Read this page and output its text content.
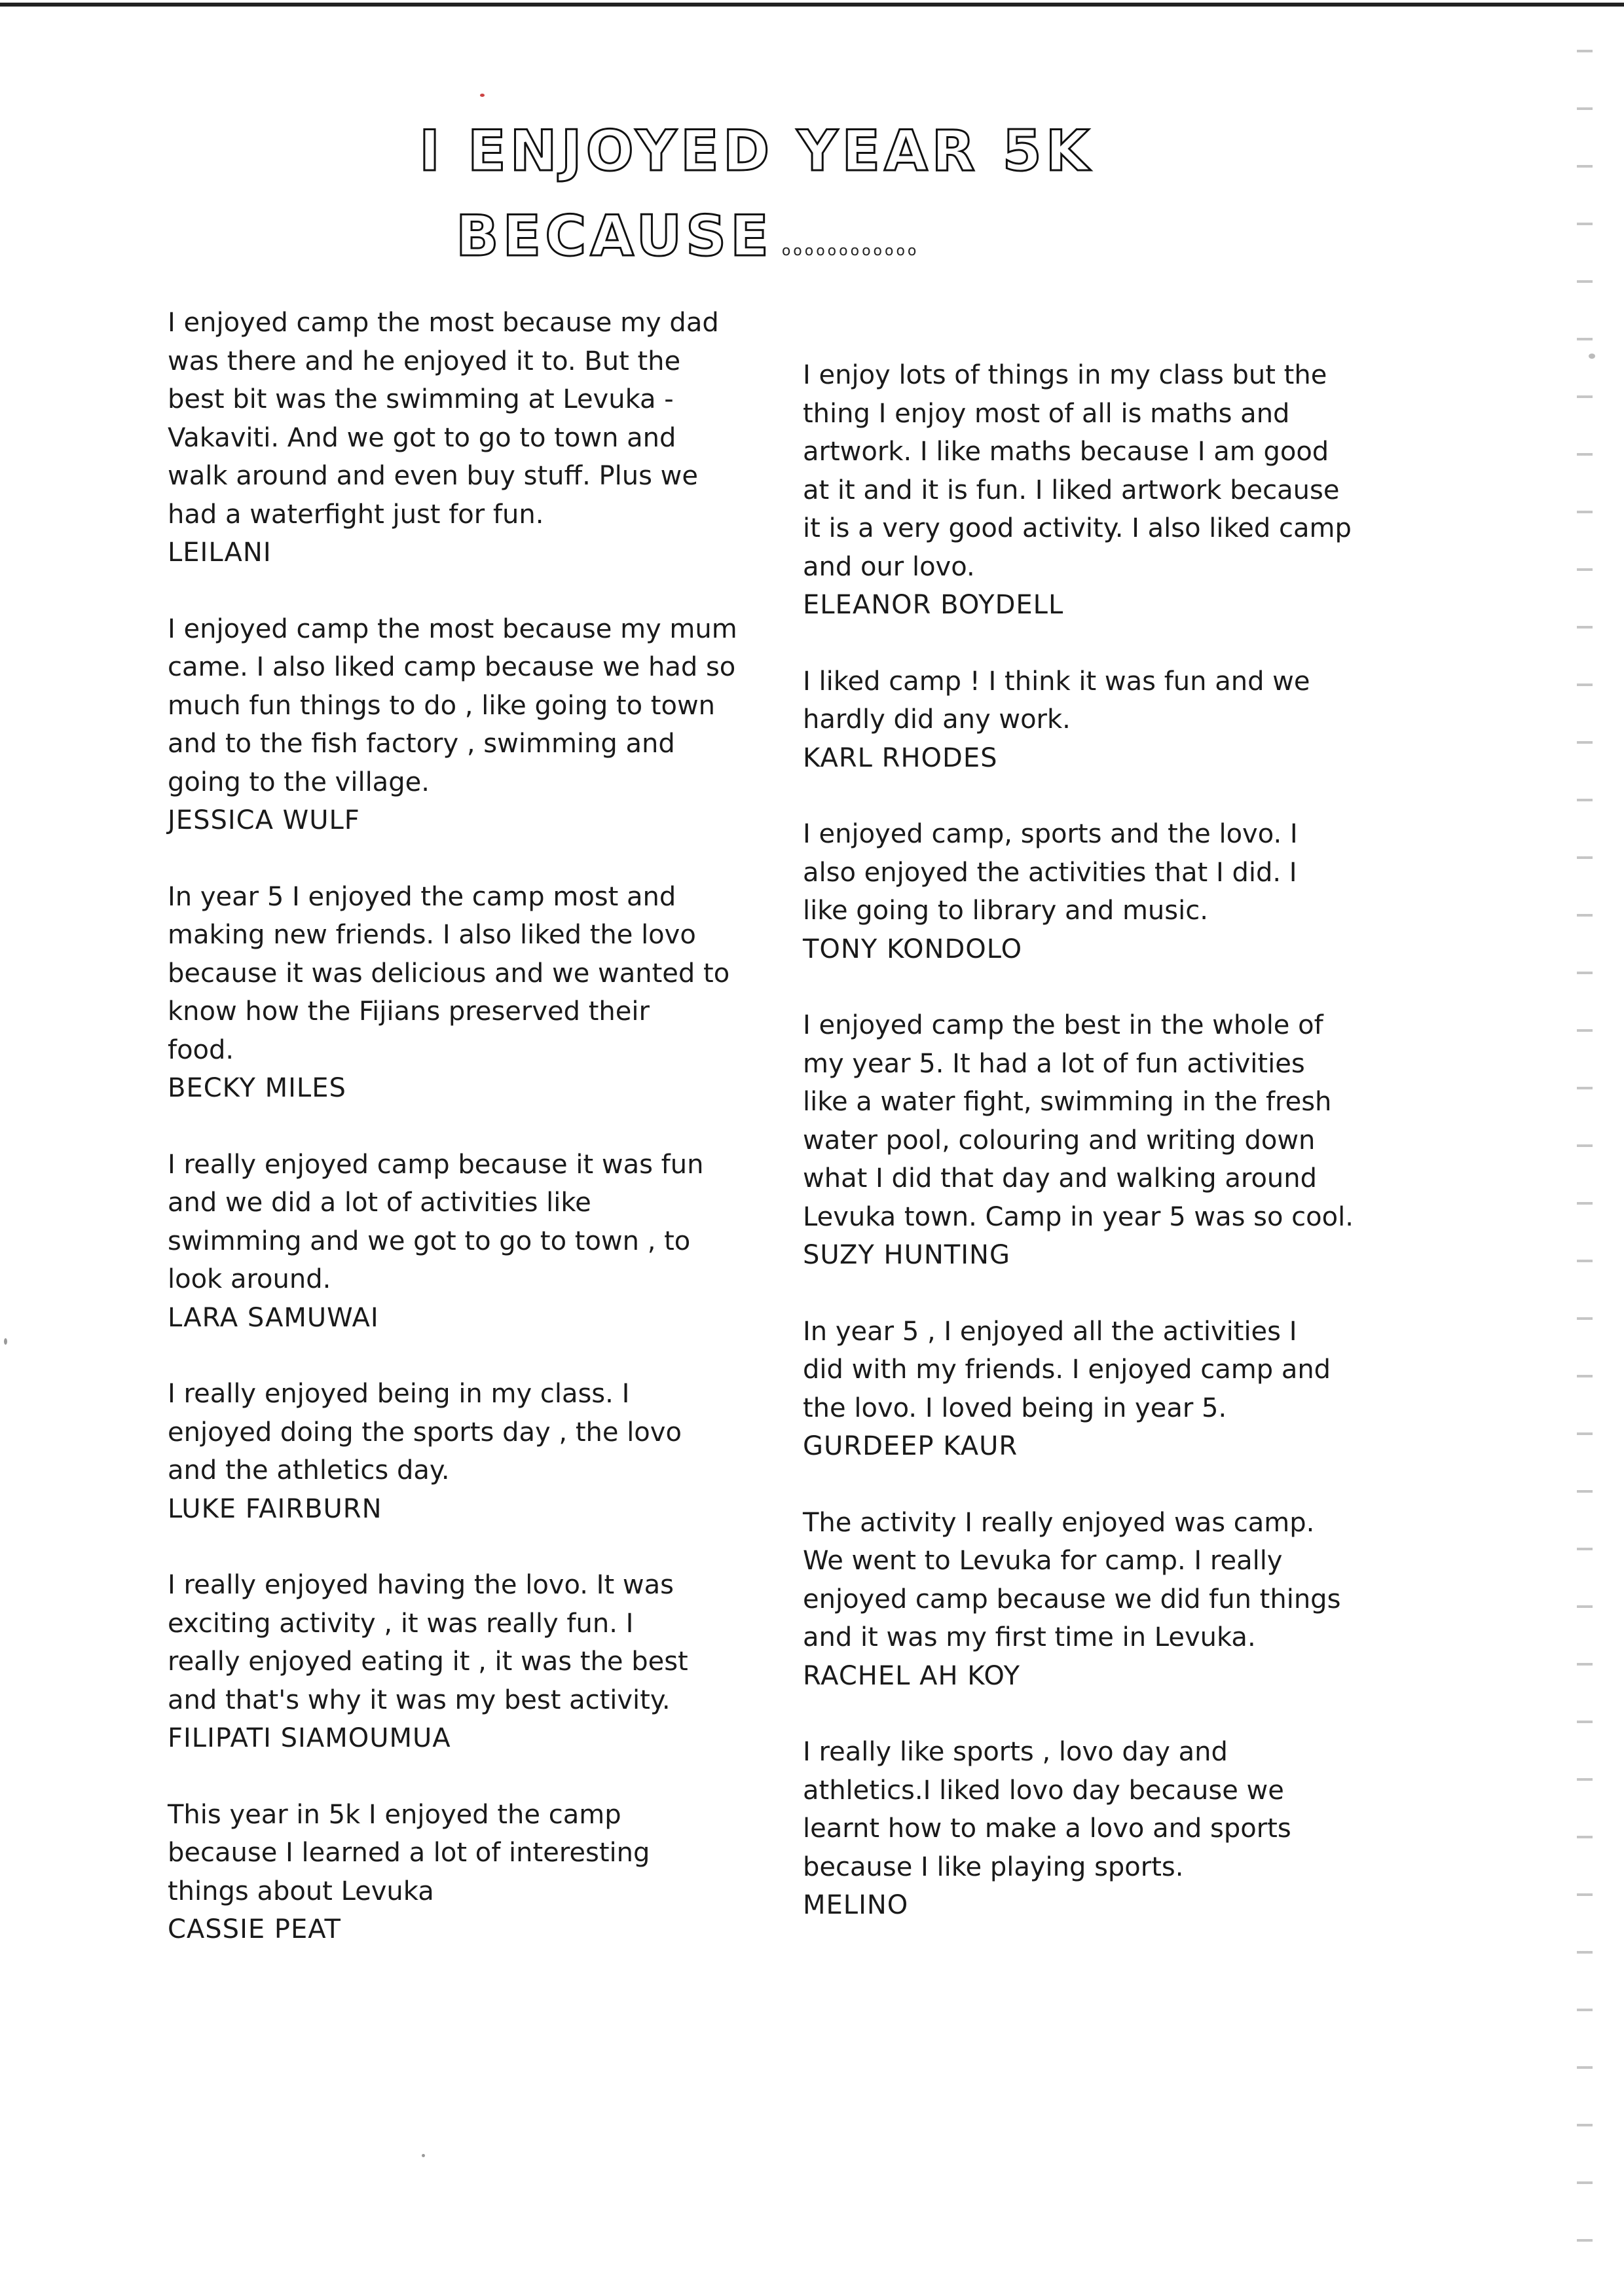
I ENJOYED YEAR 5K
BECAUSE oooooooooooo

I enjoyed camp the most because my dad
was there and he enjoyed it to. But the
best bit was the swimming at Levuka -
Vakaviti. And we got to go to town and
walk around and even buy stuff. Plus we
had a waterfight just for fun.

LEILANI

I enjoyed camp the most because my mum
came. I also liked camp because we had so
much fun things to do , like going to town
and to the fish factory , swimming and
going to the village.

JESSICA WULF

In year 5 I enjoyed the camp most and
making new friends. I also liked the lovo
because it was delicious and we wanted to
know how the Fijians preserved their
food.

BECKY MILES

I really enjoyed camp because it was fun
and we did a lot of activities like
swimming and we got to go to town , to
look around.

LARA SAMUWAI

I really enjoyed being in my class. I
enjoyed doing the sports day , the lovo
and the athletics day.

LUKE FAIRBURN

I really enjoyed having the lovo. It was
exciting activity , it was really fun. I
really enjoyed eating it , it was the best
and that's why it was my best activity.

FILIPATI SIAMOUMUA

This year in 5k I enjoyed the camp
because I learned a lot of interesting
things about Levuka

CASSIE PEAT

I enjoy lots of things in my class but the
thing I enjoy most of all is maths and
artwork. I like maths because I am good
at it and it is fun. I liked artwork because
it is a very good activity. I also liked camp
and our lovo.

ELEANOR BOYDELL

I liked camp ! I think it was fun and we
hardly did any work.

KARL RHODES

I enjoyed camp, sports and the lovo. I
also enjoyed the activities that I did. I
like going to library and music.

TONY KONDOLO

I enjoyed camp the best in the whole of
my year 5. It had a lot of fun activities
like a water fight, swimming in the fresh
water pool, colouring and writing down
what I did that day and walking around
Levuka town. Camp in year 5 was so cool.

SUZY HUNTING

In year 5 , I enjoyed all the activities I
did with my friends. I enjoyed camp and
the lovo. I loved being in year 5.

GURDEEP KAUR

The activity I really enjoyed was camp.
We went to Levuka for camp. I really
enjoyed camp because we did fun things
and it was my first time in Levuka.

RACHEL AH KOY

I really like sports , lovo day and
athletics.I liked lovo day because we
learnt how to make a lovo and sports
because I like playing sports.

MELINO
